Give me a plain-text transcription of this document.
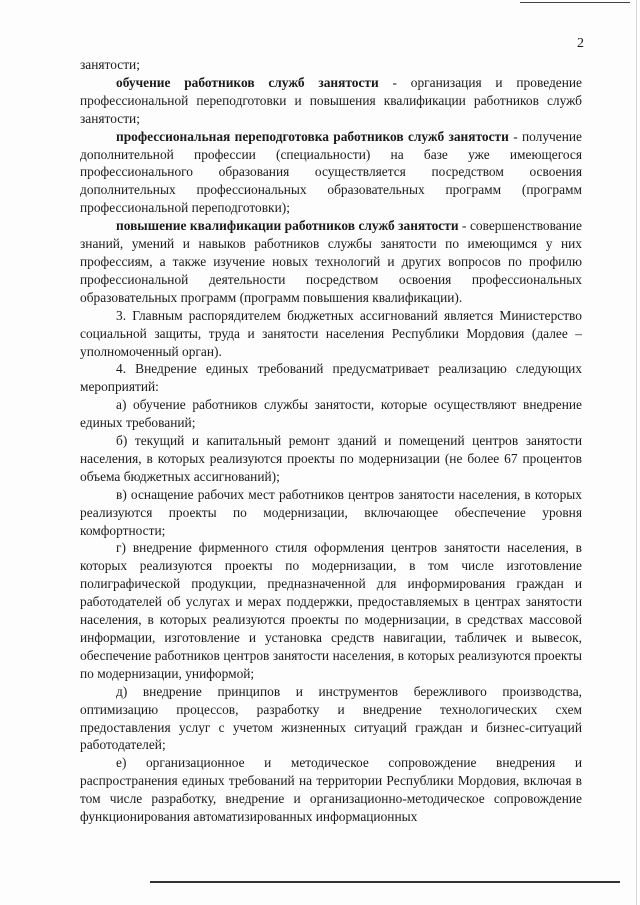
2

занятости;

обучение работников служб занятости - организация и проведение профессиональной переподготовки и повышения квалификации работников служб занятости;

профессиональная переподготовка работников служб занятости - получение дополнительной профессии (специальности) на базе уже имеющегося профессионального образования осуществляется посредством освоения дополнительных профессиональных образовательных программ (программ профессиональной переподготовки);

повышение квалификации работников служб занятости - совершенствование знаний, умений и навыков работников службы занятости по имеющимся у них профессиям, а также изучение новых технологий и других вопросов по профилю профессиональной деятельности посредством освоения профессиональных образовательных программ (программ повышения квалификации).

3. Главным распорядителем бюджетных ассигнований является Министерство социальной защиты, труда и занятости населения Республики Мордовия (далее – уполномоченный орган).

4. Внедрение единых требований предусматривает реализацию следующих мероприятий:

а) обучение работников службы занятости, которые осуществляют внедрение единых требований;

б) текущий и капитальный ремонт зданий и помещений центров занятости населения, в которых реализуются проекты по модернизации (не более 67 процентов объема бюджетных ассигнований);

в) оснащение рабочих мест работников центров занятости населения, в которых реализуются проекты по модернизации, включающее обеспечение уровня комфортности;

г) внедрение фирменного стиля оформления центров занятости населения, в которых реализуются проекты по модернизации, в том числе изготовление полиграфической продукции, предназначенной для информирования граждан и работодателей об услугах и мерах поддержки, предоставляемых в центрах занятости населения, в которых реализуются проекты по модернизации, в средствах массовой информации, изготовление и установка средств навигации, табличек и вывесок, обеспечение работников центров занятости населения, в которых реализуются проекты по модернизации, униформой;

д) внедрение принципов и инструментов бережливого производства, оптимизацию процессов, разработку и внедрение технологических схем предоставления услуг с учетом жизненных ситуаций граждан и бизнес-ситуаций работодателей;

е) организационное и методическое сопровождение внедрения и распространения единых требований на территории Республики Мордовия, включая в том числе разработку, внедрение и организационно-методическое сопровождение функционирования автоматизированных информационных
